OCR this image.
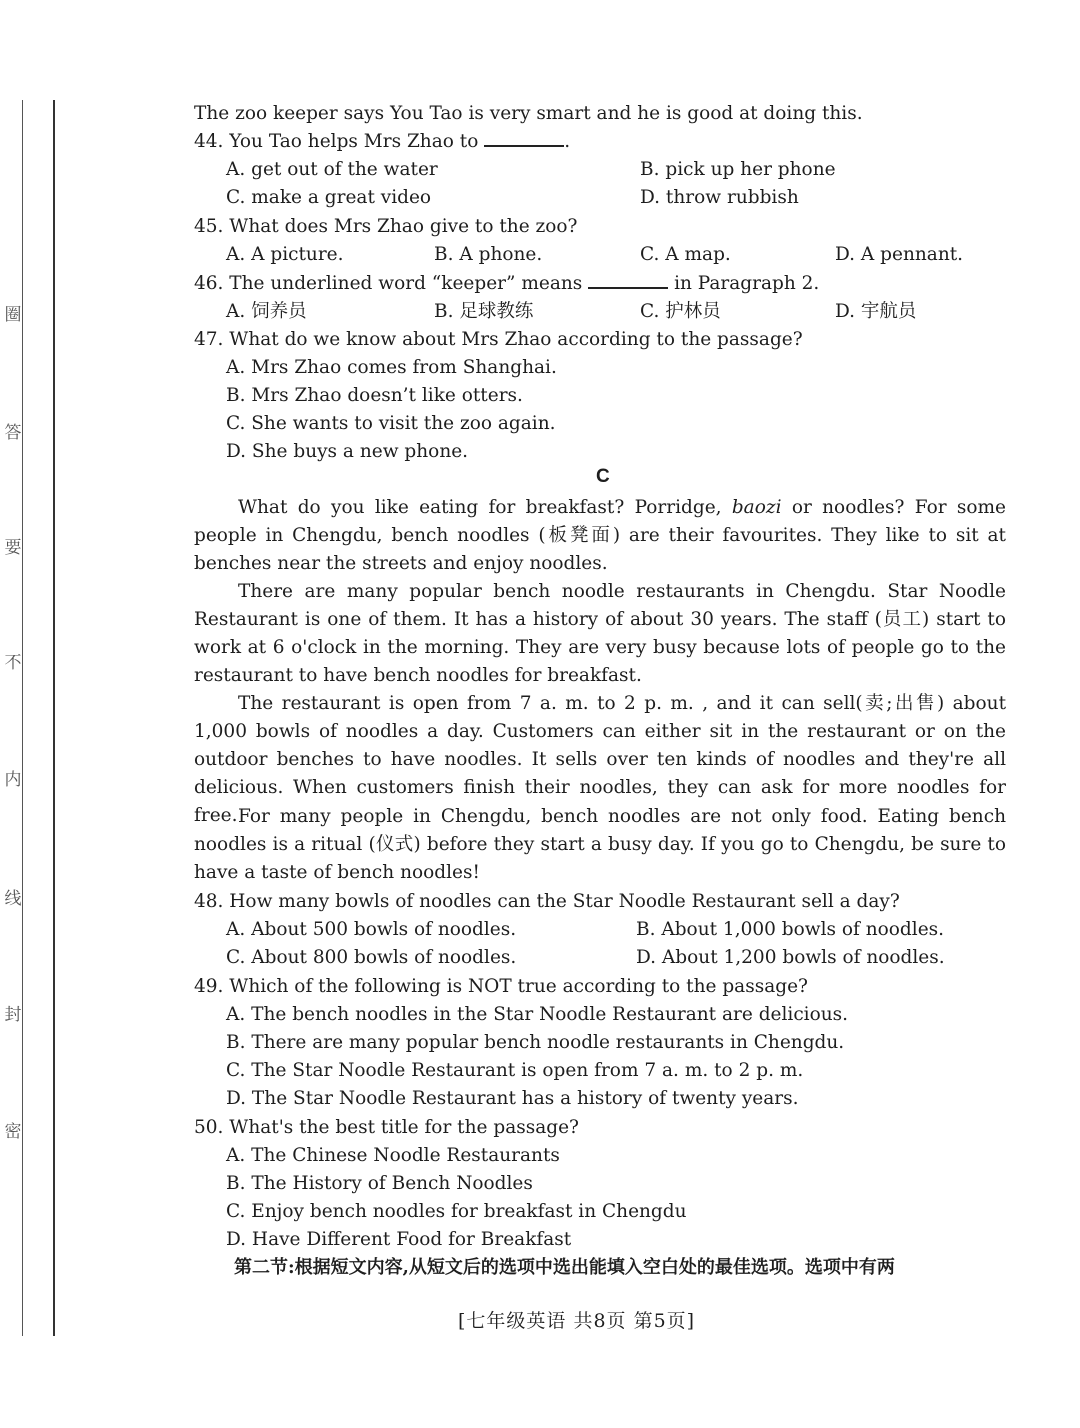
圈
答
要
不
内
线
封
密
The zoo keeper says You Tao is very smart and he is good at doing this.
44. You Tao helps Mrs Zhao to	.
A. get out of the water	B. pick up her phone
C. make a great video	D. throw rubbish
45. What does Mrs Zhao give to the zoo?
A. A picture.	B. A phone.	C. A map.	D. A pennant.
46. The underlined word “keeper” means	in Paragraph 2.
A. 饲养员	B. 足球教练	C. 护林员	D. 宇航员
47. What do we know about Mrs Zhao according to the passage?
A. Mrs Zhao comes from Shanghai.
B. Mrs Zhao doesn’t like otters.
C. She wants to visit the zoo again.
D. She buys a new phone.
C
What do you like eating for breakfast? Porridge, baozi or noodles? For some people in Chengdu, bench noodles (板凳面) are their favourites. They like to sit at benches near the streets and enjoy noodles.
There are many popular bench noodle restaurants in Chengdu. Star Noodle Restaurant is one of them. It has a history of about 30 years. The staff (员工) start to work at 6 o'clock in the morning. They are very busy because lots of people go to the restaurant to have bench noodles for breakfast.
The restaurant is open from 7 a. m. to 2 p. m. , and it can sell(卖;出售) about 1,000 bowls of noodles a day. Customers can either sit in the restaurant or on the outdoor benches to have noodles. It sells over ten kinds of noodles and they're all delicious. When customers finish their noodles, they can ask for more noodles for free. For many people in Chengdu, bench noodles are not only food. Eating bench noodles is a ritual (仪式) before they start a busy day. If you go to Chengdu, be sure to have a taste of bench noodles!
48. How many bowls of noodles can the Star Noodle Restaurant sell a day?
A. About 500 bowls of noodles.	B. About 1,000 bowls of noodles.
C. About 800 bowls of noodles.	D. About 1,200 bowls of noodles.
49. Which of the following is NOT true according to the passage?
A. The bench noodles in the Star Noodle Restaurant are delicious.
B. There are many popular bench noodle restaurants in Chengdu.
C. The Star Noodle Restaurant is open from 7 a. m. to 2 p. m.
D. The Star Noodle Restaurant has a history of twenty years.
50. What's the best title for the passage?
A. The Chinese Noodle Restaurants
B. The History of Bench Noodles
C. Enjoy bench noodles for breakfast in Chengdu
D. Have Different Food for Breakfast
第二节:根据短文内容,从短文后的选项中选出能填入空白处的最佳选项。选项中有两
[七年级英语 共8页 第5页]
